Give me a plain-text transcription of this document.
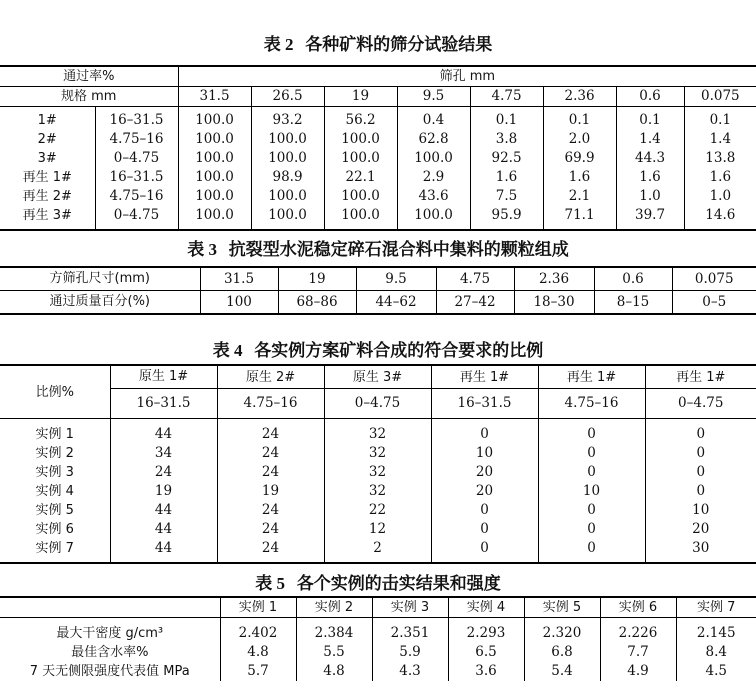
表 2 各种矿料的筛分试验结果
通过率%		筛孔 mm							
规格 mm		31.5	26.5	19	9.5	4.75	2.36	0.6	0.075
1#	16–31.5	100.0	93.2	56.2	0.4	0.1	0.1	0.1	0.1
2#	4.75–16	100.0	100.0	100.0	62.8	3.8	2.0	1.4	1.4
3#	0–4.75	100.0	100.0	100.0	100.0	92.5	69.9	44.3	13.8
再生 1#	16–31.5	100.0	98.9	22.1	2.9	1.6	1.6	1.6	1.6
再生 2#	4.75–16	100.0	100.0	100.0	43.6	7.5	2.1	1.0	1.0
再生 3#	0–4.75	100.0	100.0	100.0	100.0	95.9	71.1	39.7	14.6
表 3 抗裂型水泥稳定碎石混合料中集料的颗粒组成
方筛孔尺寸(mm)	31.5	19	9.5	4.75	2.36	0.6	0.075
通过质量百分(%)	100	68–86	44–62	27–42	18–30	8–15	0–5
表 4 各实例方案矿料合成的符合要求的比例
比例%	原生 1#	原生 2#	原生 3#	再生 1#	再生 1#	再生 1#
	16–31.5	4.75–16	0–4.75	16–31.5	4.75–16	0–4.75
实例 1	44	24	32	0	0	0
实例 2	34	24	32	10	0	0
实例 3	24	24	32	20	0	0
实例 4	19	19	32	20	10	0
实例 5	44	24	22	0	0	10
实例 6	44	24	12	0	0	20
实例 7	44	24	2	0	0	30
表 5 各个实例的击实结果和强度
	实例 1	实例 2	实例 3	实例 4	实例 5	实例 6	实例 7
最大干密度 g/cm³	2.402	2.384	2.351	2.293	2.320	2.226	2.145
最佳含水率%	4.8	5.5	5.9	6.5	6.8	7.7	8.4
7 天无侧限强度代表值 MPa	5.7	4.8	4.3	3.6	5.4	4.9	4.5
